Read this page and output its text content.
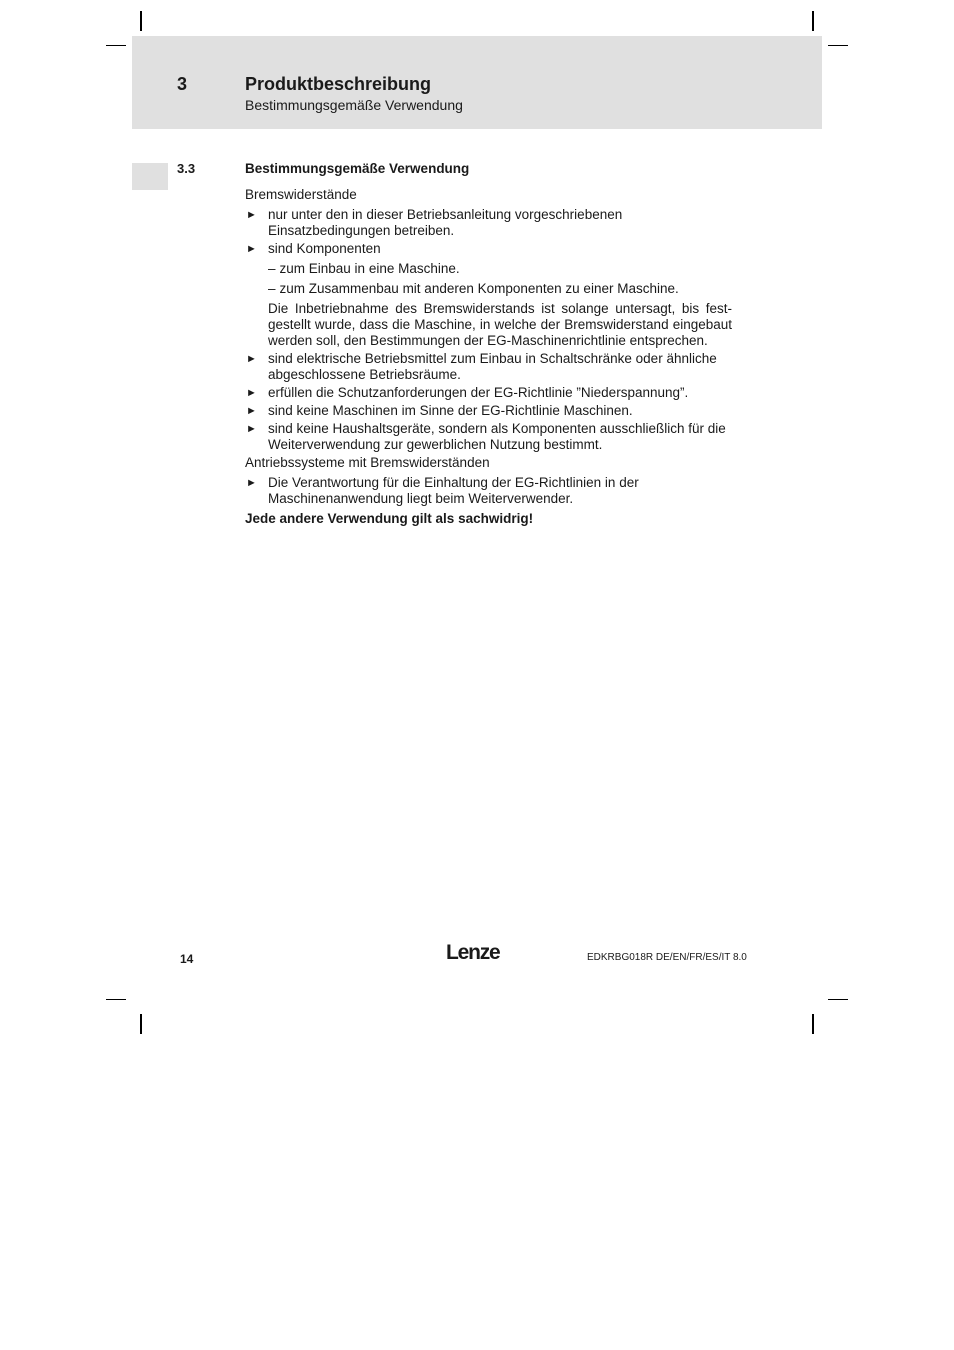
3	Produktbeschreibung
Bestimmungsgemäße Verwendung
3.3	Bestimmungsgemäße Verwendung

Bremswiderstände

► nur unter den in dieser Betriebsanleitung vorgeschriebenen Einsatzbedingungen betreiben.
► sind Komponenten
– zum Einbau in eine Maschine.
– zum Zusammenbau mit anderen Komponenten zu einer Maschine.

Die Inbetriebnahme des Bremswiderstands ist solange untersagt, bis festgestellt wurde, dass die Maschine, in welche der Bremswiderstand eingebaut werden soll, den Bestimmungen der EG-Maschinenrichtlinie entsprechen.

► sind elektrische Betriebsmittel zum Einbau in Schaltschränke oder ähnliche abgeschlossene Betriebsräume.
► erfüllen die Schutzanforderungen der EG-Richtlinie ”Niederspannung”.
► sind keine Maschinen im Sinne der EG-Richtlinie Maschinen.
► sind keine Haushaltsgeräte, sondern als Komponenten ausschließlich für die Weiterverwendung zur gewerblichen Nutzung bestimmt.

Antriebssysteme mit Bremswiderständen

► Die Verantwortung für die Einhaltung der EG-Richtlinien in der Maschinenanwendung liegt beim Weiterverwender.

Jede andere Verwendung gilt als sachwidrig!

14	Lenze	EDKRBG018R DE/EN/FR/ES/IT 8.0
